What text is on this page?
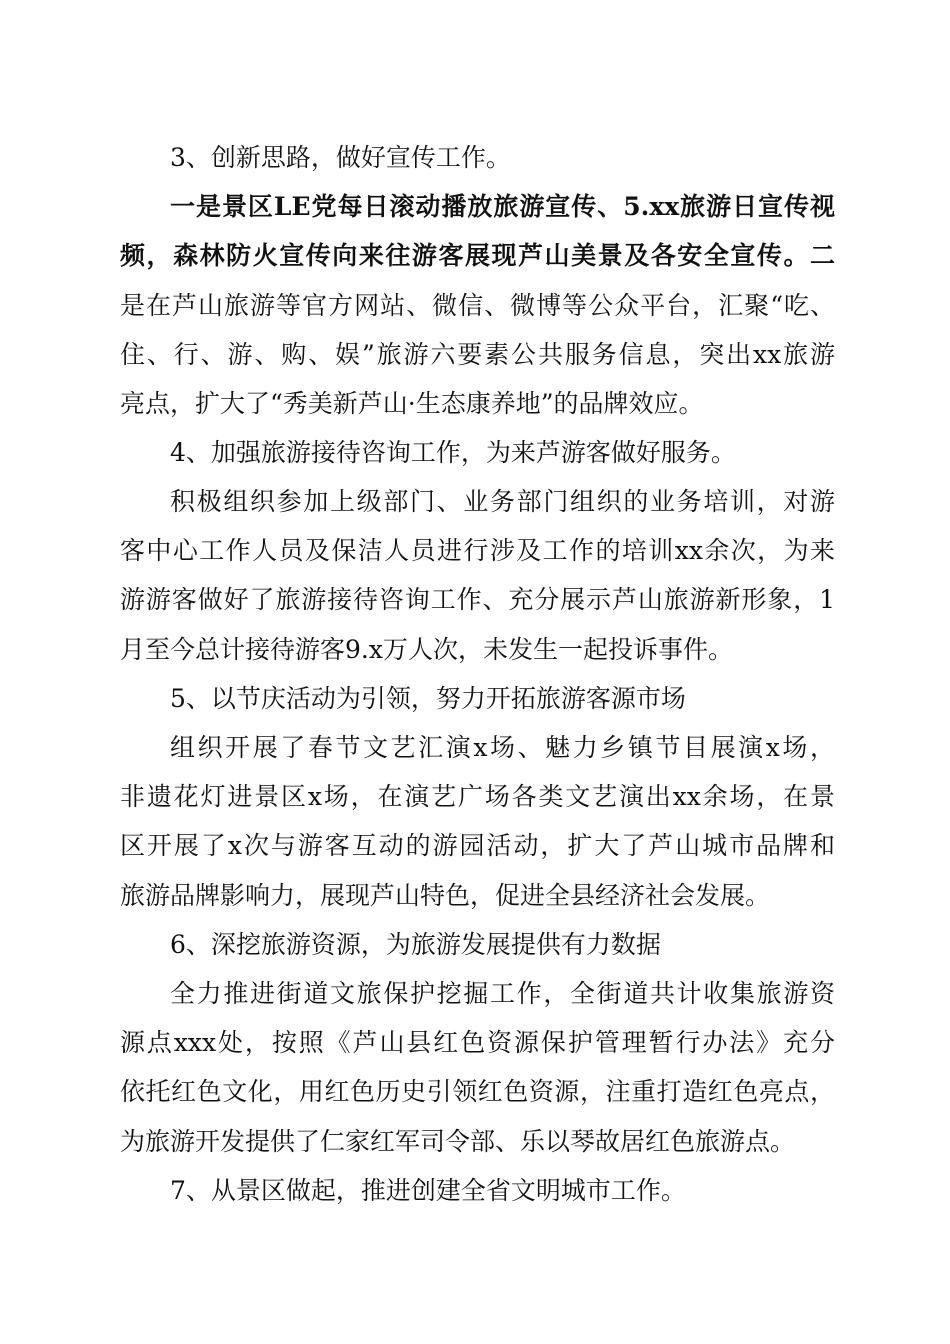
3、创新思路，做好宣传工作。
一是景区LE党每日滚动播放旅游宣传、5.xx旅游日宣传视
频，森林防火宣传向来往游客展现芦山美景及各安全宣传。二
是在芦山旅游等官方网站、微信、微博等公众平台，汇聚“吃、
住、行、游、购、娱”旅游六要素公共服务信息，突出xx旅游
亮点，扩大了“秀美新芦山·生态康养地”的品牌效应。
4、加强旅游接待咨询工作，为来芦游客做好服务。
积极组织参加上级部门、业务部门组织的业务培训，对游
客中心工作人员及保洁人员进行涉及工作的培训xx余次，为来
游游客做好了旅游接待咨询工作、充分展示芦山旅游新形象，1
月至今总计接待游客9.x万人次，未发生一起投诉事件。
5、以节庆活动为引领，努力开拓旅游客源市场
组织开展了春节文艺汇演x场、魅力乡镇节目展演x场，
非遗花灯进景区x场，在演艺广场各类文艺演出xx余场，在景
区开展了x次与游客互动的游园活动，扩大了芦山城市品牌和
旅游品牌影响力，展现芦山特色，促进全县经济社会发展。
6、深挖旅游资源，为旅游发展提供有力数据
全力推进街道文旅保护挖掘工作，全街道共计收集旅游资
源点xxx处，按照《芦山县红色资源保护管理暂行办法》充分
依托红色文化，用红色历史引领红色资源，注重打造红色亮点，
为旅游开发提供了仁家红军司令部、乐以琴故居红色旅游点。
7、从景区做起，推进创建全省文明城市工作。
